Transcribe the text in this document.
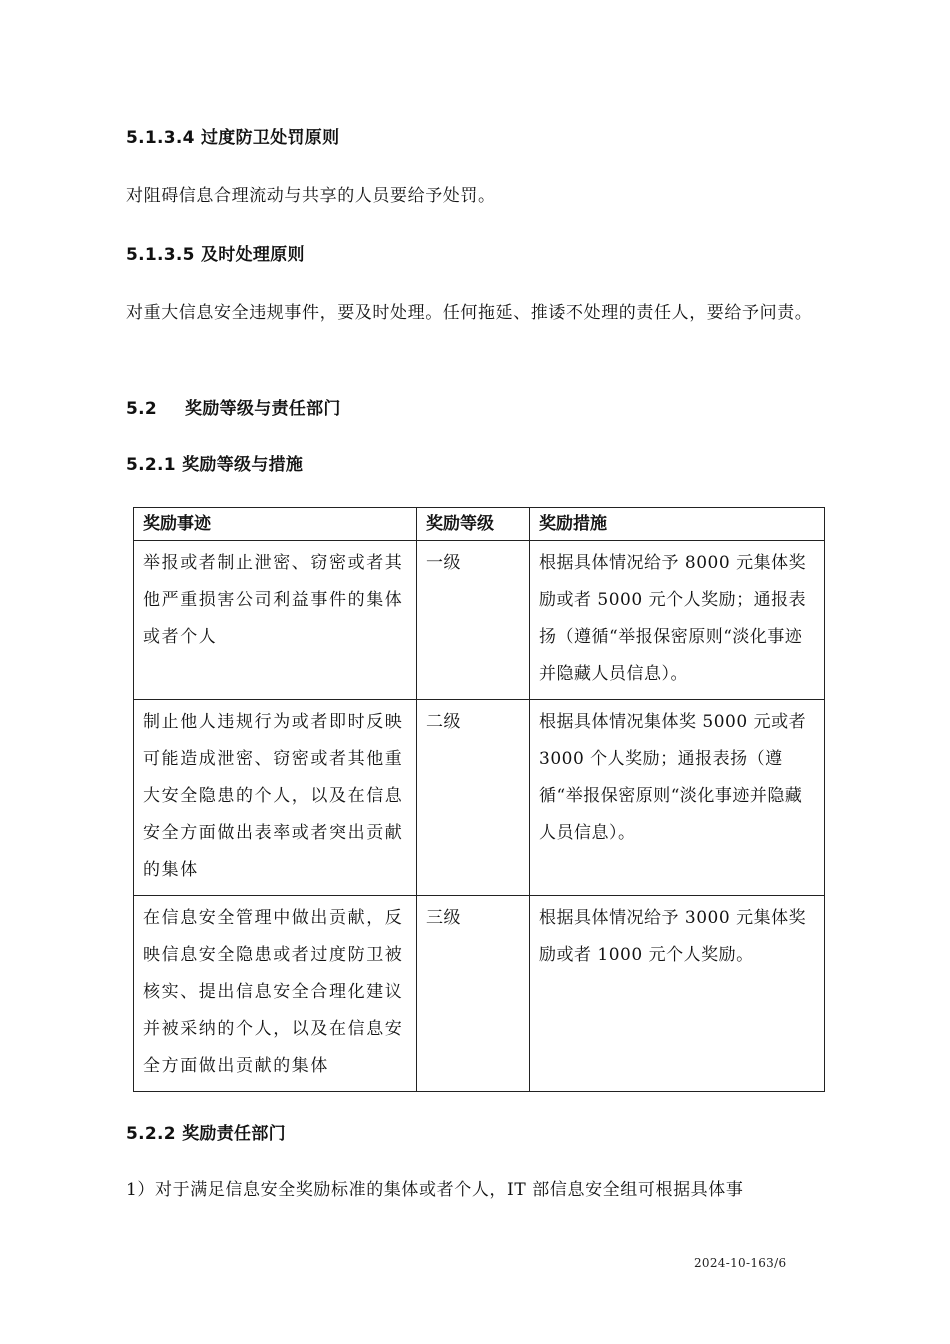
5.1.3.4 过度防卫处罚原则
对阻碍信息合理流动与共享的人员要给予处罚。
5.1.3.5 及时处理原则
对重大信息安全违规事件，要及时处理。任何拖延、推诿不处理的责任人，要给予问责。
5.2 奖励等级与责任部门
5.2.1 奖励等级与措施
奖励事迹	奖励等级	奖励措施
举报或者制止泄密、窃密或者其他严重损害公司利益事件的集体或者个人	一级	根据具体情况给予 8000 元集体奖励或者 5000 元个人奖励；通报表扬（遵循“举报保密原则“淡化事迹并隐藏人员信息）。
制止他人违规行为或者即时反映可能造成泄密、窃密或者其他重大安全隐患的个人，以及在信息安全方面做出表率或者突出贡献的集体	二级	根据具体情况集体奖 5000 元或者 3000 个人奖励；通报表扬（遵循“举报保密原则“淡化事迹并隐藏人员信息）。
在信息安全管理中做出贡献，反映信息安全隐患或者过度防卫被核实、提出信息安全合理化建议并被采纳的个人，以及在信息安全方面做出贡献的集体	三级	根据具体情况给予 3000 元集体奖励或者 1000 元个人奖励。
5.2.2 奖励责任部门
1）对于满足信息安全奖励标准的集体或者个人，IT 部信息安全组可根据具体事
2024-10-163/6
